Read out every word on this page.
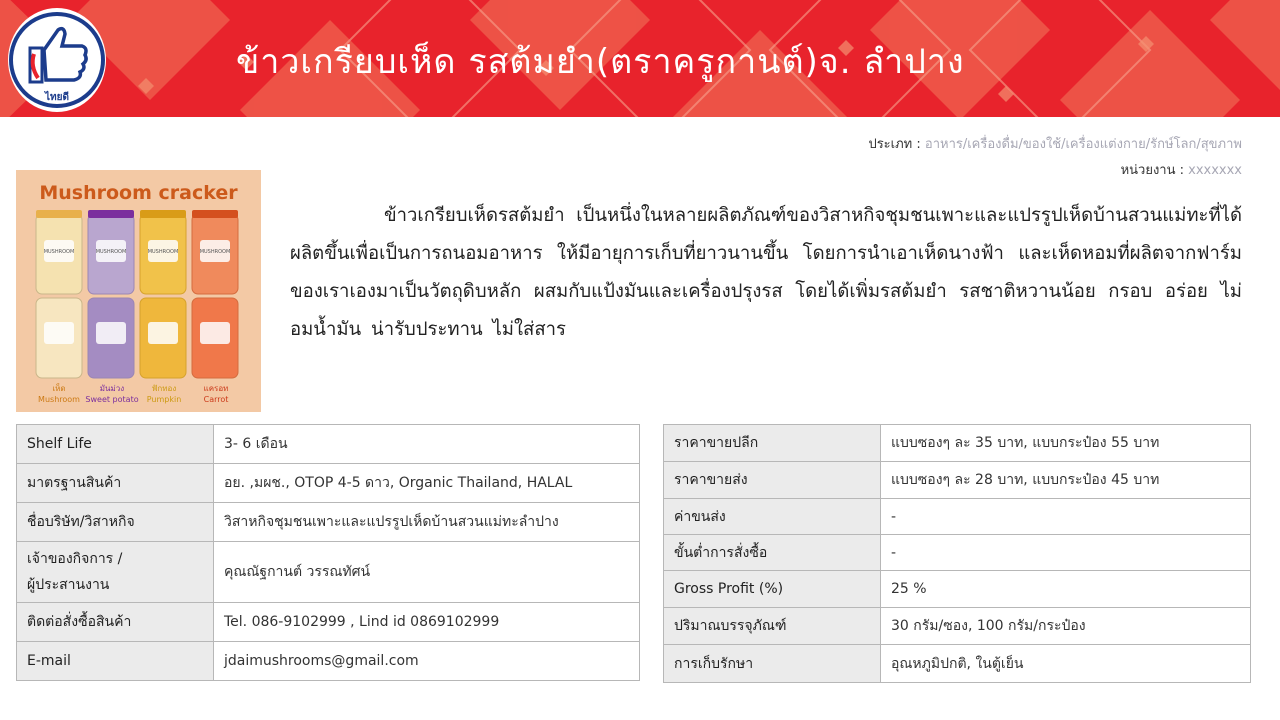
ไทยดี
ข้าวเกรียบเห็ด รสต้มยำ(ตราครูกานต์)จ. ลำปาง
ประเภท : อาหาร/เครื่องดื่ม/ของใช้/เครื่องแต่งกาย/รักษ์โลก/สุขภาพ
หน่วยงาน : xxxxxxx
Mushroom cracker
MUSHROOM	MUSHROOM	MUSHROOM	MUSHROOM
เห็ด
Mushroom
มันม่วง
Sweet potato
ฟักทอง
Pumpkin
แครอท
Carrot
ข้าวเกรียบเห็ดรสต้มยำ เป็นหนึ่งในหลายผลิตภัณฑ์ของวิสาหกิจชุมชนเพาะและแปรรูปเห็ดบ้านสวนแม่ทะที่ได้ผลิตขึ้นเพื่อเป็นการถนอมอาหาร ให้มีอายุการเก็บที่ยาวนานขึ้น โดยการนำเอาเห็ดนางฟ้า และเห็ดหอมที่ผลิตจากฟาร์มของเราเองมาเป็นวัตถุดิบหลัก ผสมกับแป้งมันและเครื่องปรุงรส โดยได้เพิ่มรสต้มยำ รสชาติหวานน้อย กรอบ อร่อย ไม่อมน้ำมัน น่ารับประทาน ไม่ใส่สาร
Shelf Life	3- 6 เดือน
มาตรฐานสินค้า	อย. ,มผช., OTOP 4-5 ดาว, Organic Thailand, HALAL
ชื่อบริษัท/วิสาหกิจ	วิสาหกิจชุมชนเพาะและแปรรูปเห็ดบ้านสวนแม่ทะลำปาง
เจ้าของกิจการ /
ผู้ประสานงาน	คุณณัฐกานต์ วรรณทัศน์
ติดต่อสั่งซื้อสินค้า	Tel. 086-9102999 , Lind id 0869102999
E-mail	jdaimushrooms@gmail.com
ราคาขายปลีก	แบบซองๆ ละ 35 บาท, แบบกระป๋อง 55 บาท
ราคาขายส่ง	แบบซองๆ ละ 28 บาท, แบบกระป๋อง 45 บาท
ค่าขนส่ง	-
ขั้นต่ำการสั่งซื้อ	-
Gross Profit (%)	25 %
ปริมาณบรรจุภัณฑ์	30 กรัม/ซอง, 100 กรัม/กระป๋อง
การเก็บรักษา	อุณหภูมิปกติ, ในตู้เย็น
